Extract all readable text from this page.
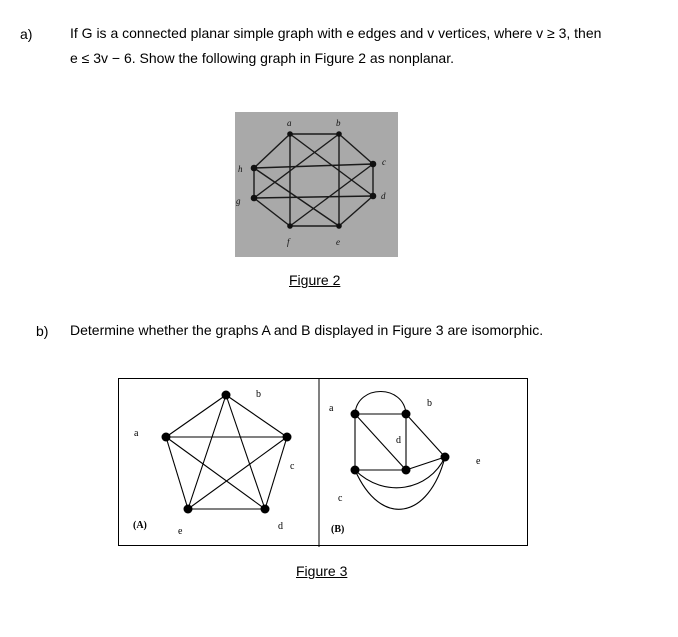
a)	If G is a connected planar simple graph with e edges and v vertices, where v ≥ 3, then
e ≤ 3v − 6. Show the following graph in Figure 2 as nonplanar.
a	b
c
d
e
f
g
h
Figure 2
b) Determine whether the graphs A and B displayed in Figure 3 are isomorphic.
a
b
c
d
e
(A)
a	b
c
d
e
(B)
Figure 3
